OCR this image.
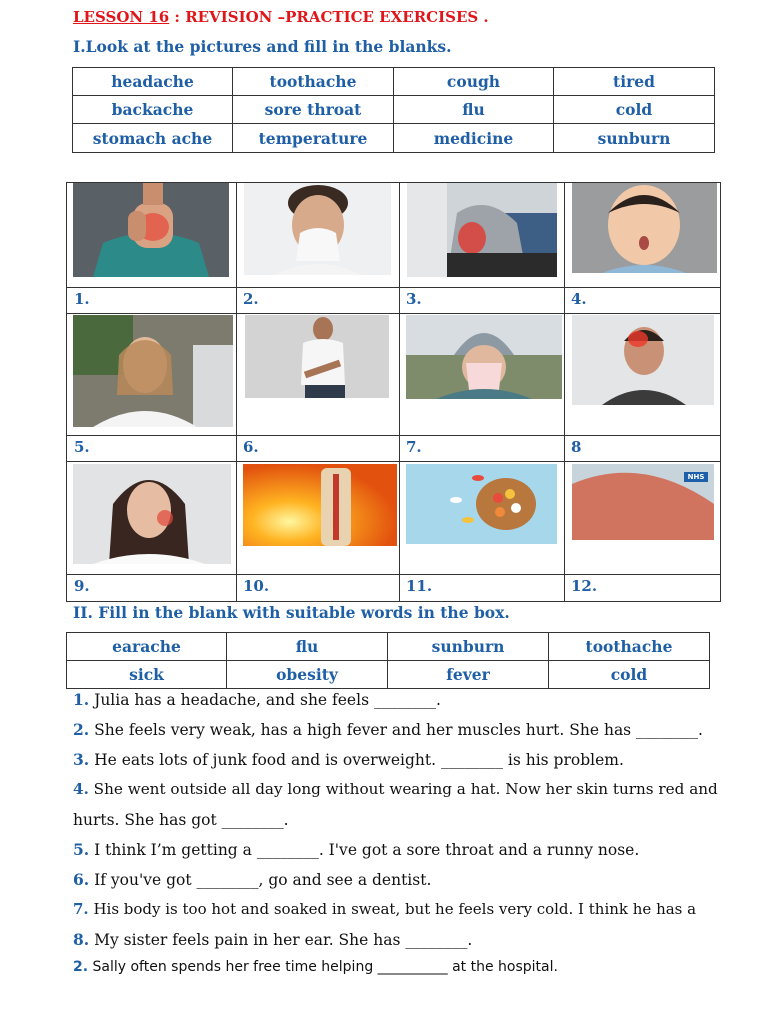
LESSON 16 : REVISION –PRACTICE EXERCISES .
I.Look at the pictures and fill in the blanks.
headache	toothache	cough	tired
backache	sore throat	flu	cold
stomach ache	temperature	medicine	sunburn
1.	2.	3.	4.
5.	6.	7.	8
NHS
9.	10.	11.	12.
II. Fill in the blank with suitable words in the box.
earache	flu	sunburn	toothache
sick	obesity	fever	cold
1. Julia has a headache, and she feels ________.
2. She feels very weak, has a high fever and her muscles hurt. She has ________.
3. He eats lots of junk food and is overweight. ________ is his problem.
4. She went outside all day long without wearing a hat. Now her skin turns red and
hurts. She has got ________.
5. I think I’m getting a ________. I've got a sore throat and a runny nose.
6. If you've got ________, go and see a dentist.
7. His body is too hot and soaked in sweat, but he feels very cold. I think he has a
8. My sister feels pain in her ear. She has ________.
2. Sally often spends her free time helping __________ at the hospital.
